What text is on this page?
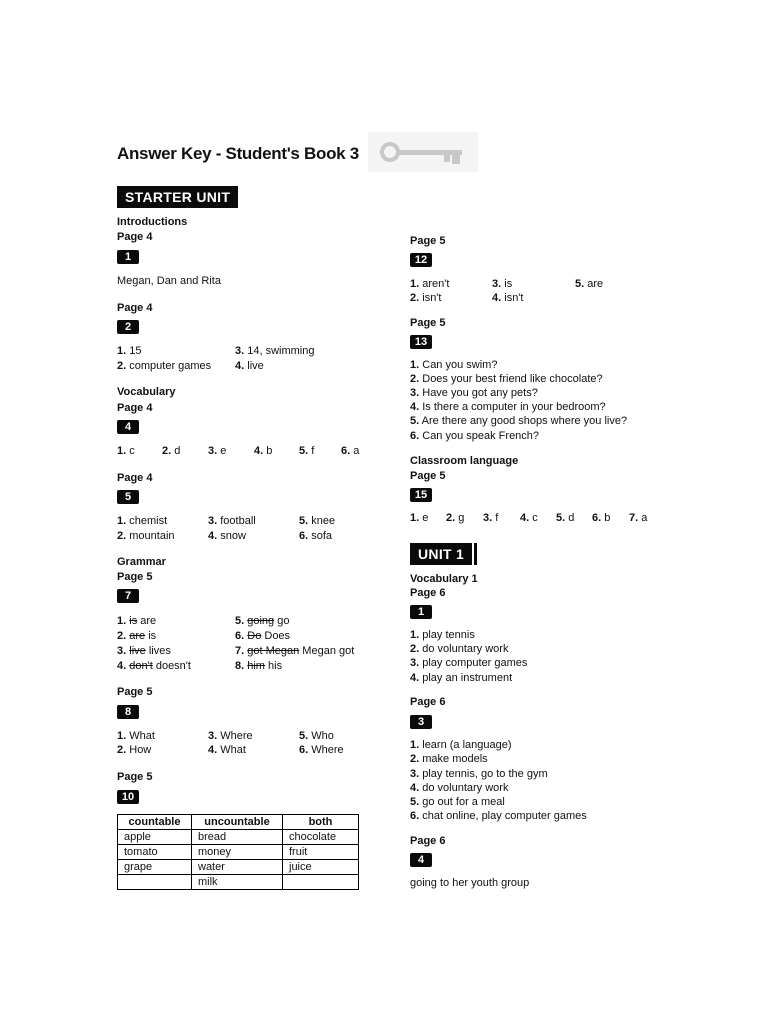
Answer Key - Student's Book 3
STARTER UNIT
Introductions
Page 4
1
Megan, Dan and Rita
Page 4
2
1. 15	3. 14, swimming
2. computer games 4. live
Vocabulary
Page 4
4
1. c 2. d	3. e	4. b 5. f 6. a
Page 4
5
1. chemist	3. football	5. knee
2. mountain	4. snow	6. sofa
Grammar
Page 5
7
1. is are	5. going go
2. are is	6. Do Does
3. live lives	7. got Megan Megan got
4. don't doesn't	8. him his
Page 5
8
1. What	3. Where	5. Who
2. How	4. What	6. Where
Page 5
10
countable	uncountable	both
apple	bread	chocolate
tomato	money	fruit
grape	water	juice
	milk	
Page 5
12
1. aren't	3. is	5. are
2. isn't	4. isn't
Page 5
13
1. Can you swim?
2. Does your best friend like chocolate?
3. Have you got any pets?
4. Is there a computer in your bedroom?
5. Are there any good shops where you live?
6. Can you speak French?
Classroom language
Page 5
15
1. e 2. g 3. f 4. c 5. d 6. b 7. a
UNIT 1
Vocabulary 1
Page 6
1
1. play tennis
2. do voluntary work
3. play computer games
4. play an instrument
Page 6
3
1. learn (a language)
2. make models
3. play tennis, go to the gym
4. do voluntary work
5. go out for a meal
6. chat online, play computer games
Page 6
4
going to her youth group
